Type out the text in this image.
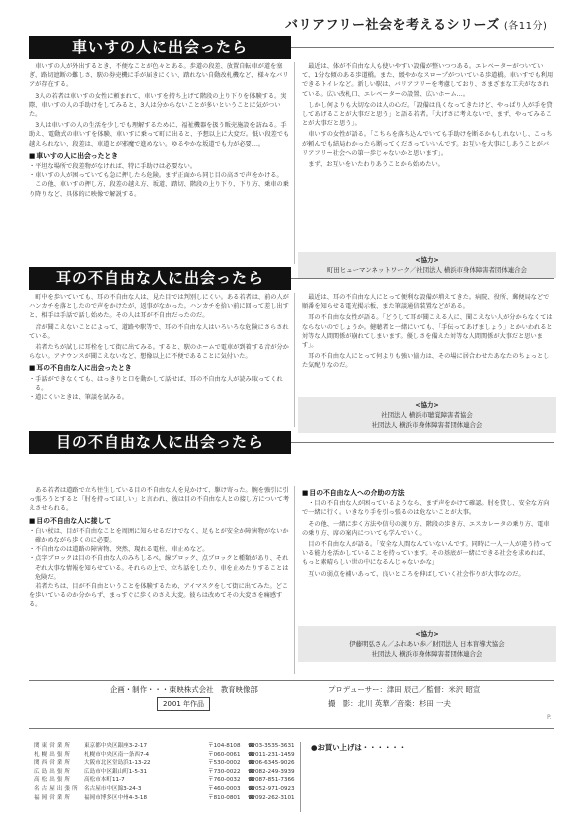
バリアフリー社会を考えるシリーズ (各11分)
車いすの人に出会ったら

車いすの人が外出するとき、不便なことが色々とある。歩道の段差、放置自転車が道を塞ぎ、路切遮断の難しさ、駅の券売機に手が届きにくい、踏れない自動改札機など、様々なバリアが存在する。

3人の若者は車いすの女性に頼まれて、車いすを持ち上げて階段の上り下りを体験する。実際、車いすの人の手助けをしてみると、3人は分からないことが多いということに気がついた。

3人は車いすの人の生活を少しでも理解するために、福祉機器を扱う販売施設を訪ねる。手助え、電動式の車いすを体験、車いすに乗って町に出ると、予想以上に大変だ。低い段差でも越えられない、段差は、車道とが邪魔で進めない。ゆるやかな坂道でも力が必要…。

■ 車いすの人に出会ったとき
・平坦な場所で段差物がなければ、特に手助けは必要ない。
・車いすの人が困っていても急に押したら危険。まず正面から同じ目の高さで声をかける。

この他、車いすの押し方、段差の越え方、坂道、踏切、階段の上り下り、下り方、乗車の乗り降りなど、具体的に映像で解説する。

最近は、体が不自由な人も使いやすい設備が整いつつある。エレベーターがついていて、1分な傾のある歩道橋。また、緩やかなスロープがついている歩道橋。車いすでも利用できるトイレなど。新しい駅は、バリアフリーを考慮しており、さまざまな工夫がなされている。広い改札口、エレベーターの設置、広いホーム…。

しかし何よりも大切なのは人の心だ。「設備は良くなってきたけど、やっぱり人が手を貸してあげることが大事だと思う」と語る若者。「大げさに考えないで、まず、やってみることが大事だと思う」。

車いすの女性が語る。「こちらを落ち込んでいても手助けを断るかもしれないし、こっちが頼んでも結局わかったら断ってくださっていいんです。お互いを大事にしあうことがバリアフリー社会への第一歩じゃないかと思います」。

まず、お互いをいたわりあうことから始めたい。

<協力>
町田ヒューマンネットワーク／社団法人 横浜市身体障害者団体連合会
耳の不自由な人に出会ったら

町中を歩いていても、耳の不自由な人は、見た目では判別しにくい。ある若者は、前の人がハンカチを落としたので声をかけたが、返事がなかった。ハンカチを拾い前に回って差し出すと、相手は手話で話し始めた。その人は耳が不自由だったのだ。

音が聞こえないことによって、道路や駅等で、耳の不自由な人はいろいろな危険にさらされている。

若者たちが試しに耳栓をして街に出てみる。すると、駅のホームで電車が到着する音が分からない。アナウンスが聞こえないなど、想像以上に不便であることに気付いた。

■ 耳の不自由な人に出会ったとき
・手話ができなくても、はっきりと口を動かして話せば、耳の不自由な人が読み取ってくれる。
・道にくいときは、筆談を試みる。

最近は、耳の不自由な人にとって便利な設備が増えてきた。病院、役所、郵便局などで順番を知らせる電光掲示板、また筆談通信装置などがある。

耳の不自由な女性が語る。「どうして耳が聞こえる人に、聞こえない人が分からなくてはならないのでしょうか。健聴者と一緒にいても、「手伝ってあげましょう」とかいわれると対等な人間関係が崩れてしまいます。優しさを備えた対等な人間関係が大事だと思います」。

耳の不自由な人にとって何よりも強い協力は、その場に居合わせたあなたのちょっとした気配りなのだ。

<協力>
社団法人 横浜市聴覚障害者協会
社団法人 横浜市身体障害者団体連合会
目の不自由な人に出会ったら

ある若者は道路で立ち往生している目の不自由な人を見かけて、駆け寄った。腕を強引に引っ張ろうとすると「肘を持ってほしい」と言われ、彼は目の不自由な人との接し方について考えさせられる。

■ 目の不自由な人に接して
・白い杖は、目が不自由なことを周囲に知らせるだけでなく、足もとが安全か障害物がないか確かめながら歩くのに必要。
・不自由なのは道路の障害物、突然、現れる電柱、車止めなど。
・点字ブロックは目の不自由な人のみちしるべ。線ブロック、点ブロックと種類があり、それぞれ大事な情報を知らせている。それらの上で、立ち話をしたり、車を止めたりすることは危険だ。

若者たちは、目が不自由ということを体験するため、アイマスクをして街に出てみた。どこを歩いているのか分からず、まっすぐに歩くのさえ大変。彼らは改めてその大変さを痛感する。

■ 目の不自由な人への介助の方法

・目の不自由な人が困っているようなら、まず声をかけて確認。肘を貸し、安全な方向で一緒に行く。いきなり手を引っ張るのは危ないことが大事。

その他、一緒に歩く方法や信号の渡り方、階段の歩き方、エスカレータの乗り方、電車の乗り方、席の案内についても学んでいく。

目の不自由な人が語る。「安全な人間なんていないんです。同時に一人一人が違う持っている能力を活かしていることを持っています。その基底が一緒にできる社会を求めれば、もっと素晴らしい世の中になるんじゃないかな」

互いの弱点を補いあって、良いところを伸ばしていく社会作りが大事なのだ。

<協力>
伊藤明弘さん／ふれあい歩／財団法人 日本盲導犬協会
社団法人 横浜市身体障害者団体連合会
企画・制作・・・東映株式会社　教育映像部
2001 年作品
プロデューサー：津田 辰己／監督：米沢 昭宣
撮　影：北川 英華／音楽：杉田 一夫
P.
関東営業所 東京都中央区銀座3-2-17	〒104-8108 ☎03-3535-3631
札幌出張所 札幌市中央区南一条西7-4	〒060-0061 ☎011-231-1459
関西営業所 大阪市北区堂島浜1-13-22	〒530-0002 ☎06-6345-9026
広島出張所 広島市中区銀山町1-5-31	〒730-0022 ☎082-249-3939
高松出張所 高松市本町11-7	〒760-0032 ☎087-851-7366
名古屋出張所 名古屋市中区錦3-24-3	〒460-0003 ☎052-971-0923
福岡営業所 福岡市博多区中州4-3-18	〒810-0801 ☎092-262-3101
●お買い上げは・・・・・・
